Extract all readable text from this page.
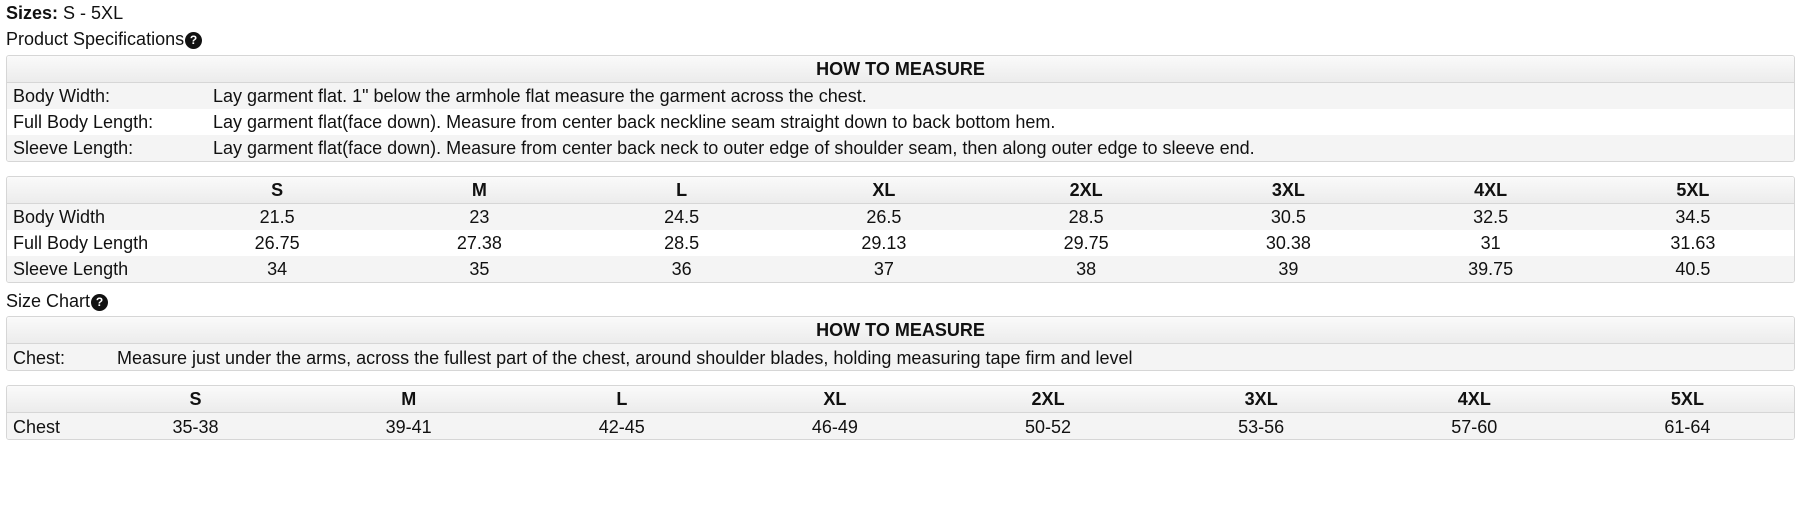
Sizes: S - 5XL
Product Specifications ?
HOW TO MEASURE
Body Width:	Lay garment flat. 1" below the armhole flat measure the garment across the chest.
Full Body Length:	Lay garment flat(face down). Measure from center back neckline seam straight down to back bottom hem.
Sleeve Length:	Lay garment flat(face down). Measure from center back neck to outer edge of shoulder seam, then along outer edge to sleeve end.
S	M	L	XL	2XL	3XL	4XL	5XL
Body Width	21.5	23	24.5	26.5	28.5	30.5	32.5	34.5
Full Body Length	26.75	27.38	28.5	29.13	29.75	30.38	31	31.63
Sleeve Length	34	35	36	37	38	39	39.75	40.5
Size Chart ?
HOW TO MEASURE
Chest:	Measure just under the arms, across the fullest part of the chest, around shoulder blades, holding measuring tape firm and level
S	M	L	XL	2XL	3XL	4XL	5XL
Chest	35-38	39-41	42-45	46-49	50-52	53-56	57-60	61-64
